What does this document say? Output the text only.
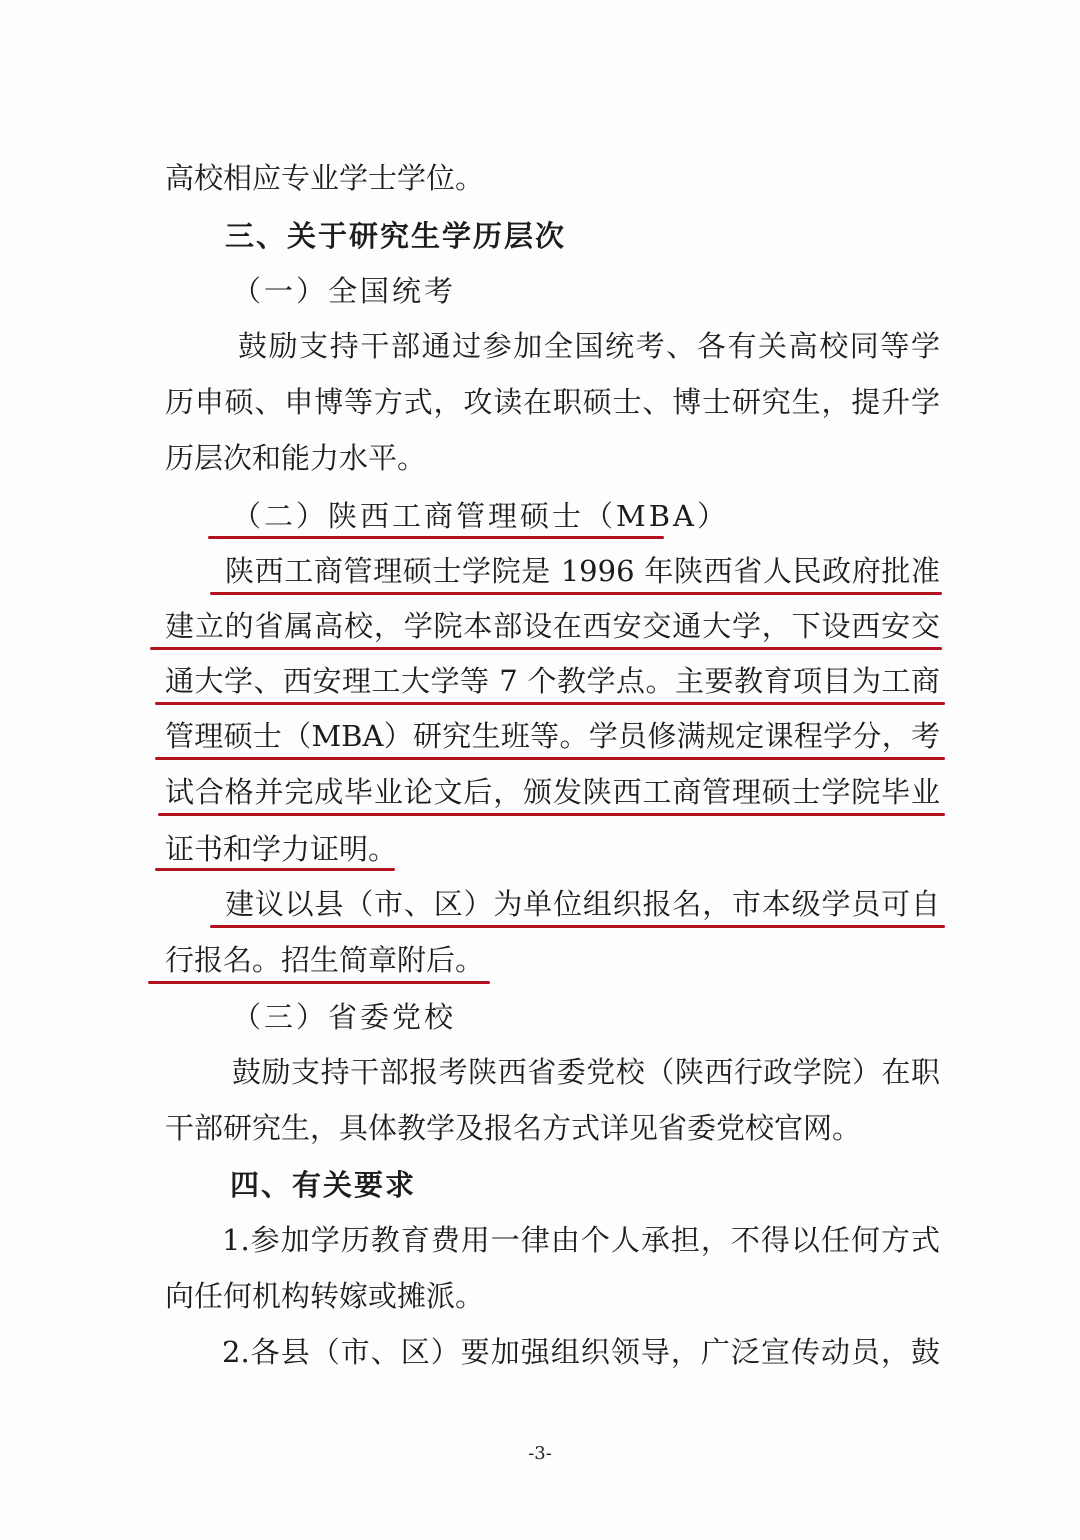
高校相应专业学士学位。
三、关于研究生学历层次
（一）全国统考
鼓励支持干部通过参加全国统考、各有关高校同等学
历申硕、申博等方式，攻读在职硕士、博士研究生，提升学
历层次和能力水平。
（二）陕西工商管理硕士（MBA）
陕西工商管理硕士学院是 1996 年陕西省人民政府批准
建立的省属高校，学院本部设在西安交通大学，下设西安交
通大学、西安理工大学等 7 个教学点。主要教育项目为工商
管理硕士（MBA）研究生班等。学员修满规定课程学分，考
试合格并完成毕业论文后，颁发陕西工商管理硕士学院毕业
证书和学力证明。
建议以县（市、区）为单位组织报名，市本级学员可自
行报名。招生简章附后。
（三）省委党校
鼓励支持干部报考陕西省委党校（陕西行政学院）在职
干部研究生，具体教学及报名方式详见省委党校官网。
四、有关要求
1.参加学历教育费用一律由个人承担，不得以任何方式
向任何机构转嫁或摊派。
2.各县（市、区）要加强组织领导，广泛宣传动员，鼓
-3-
